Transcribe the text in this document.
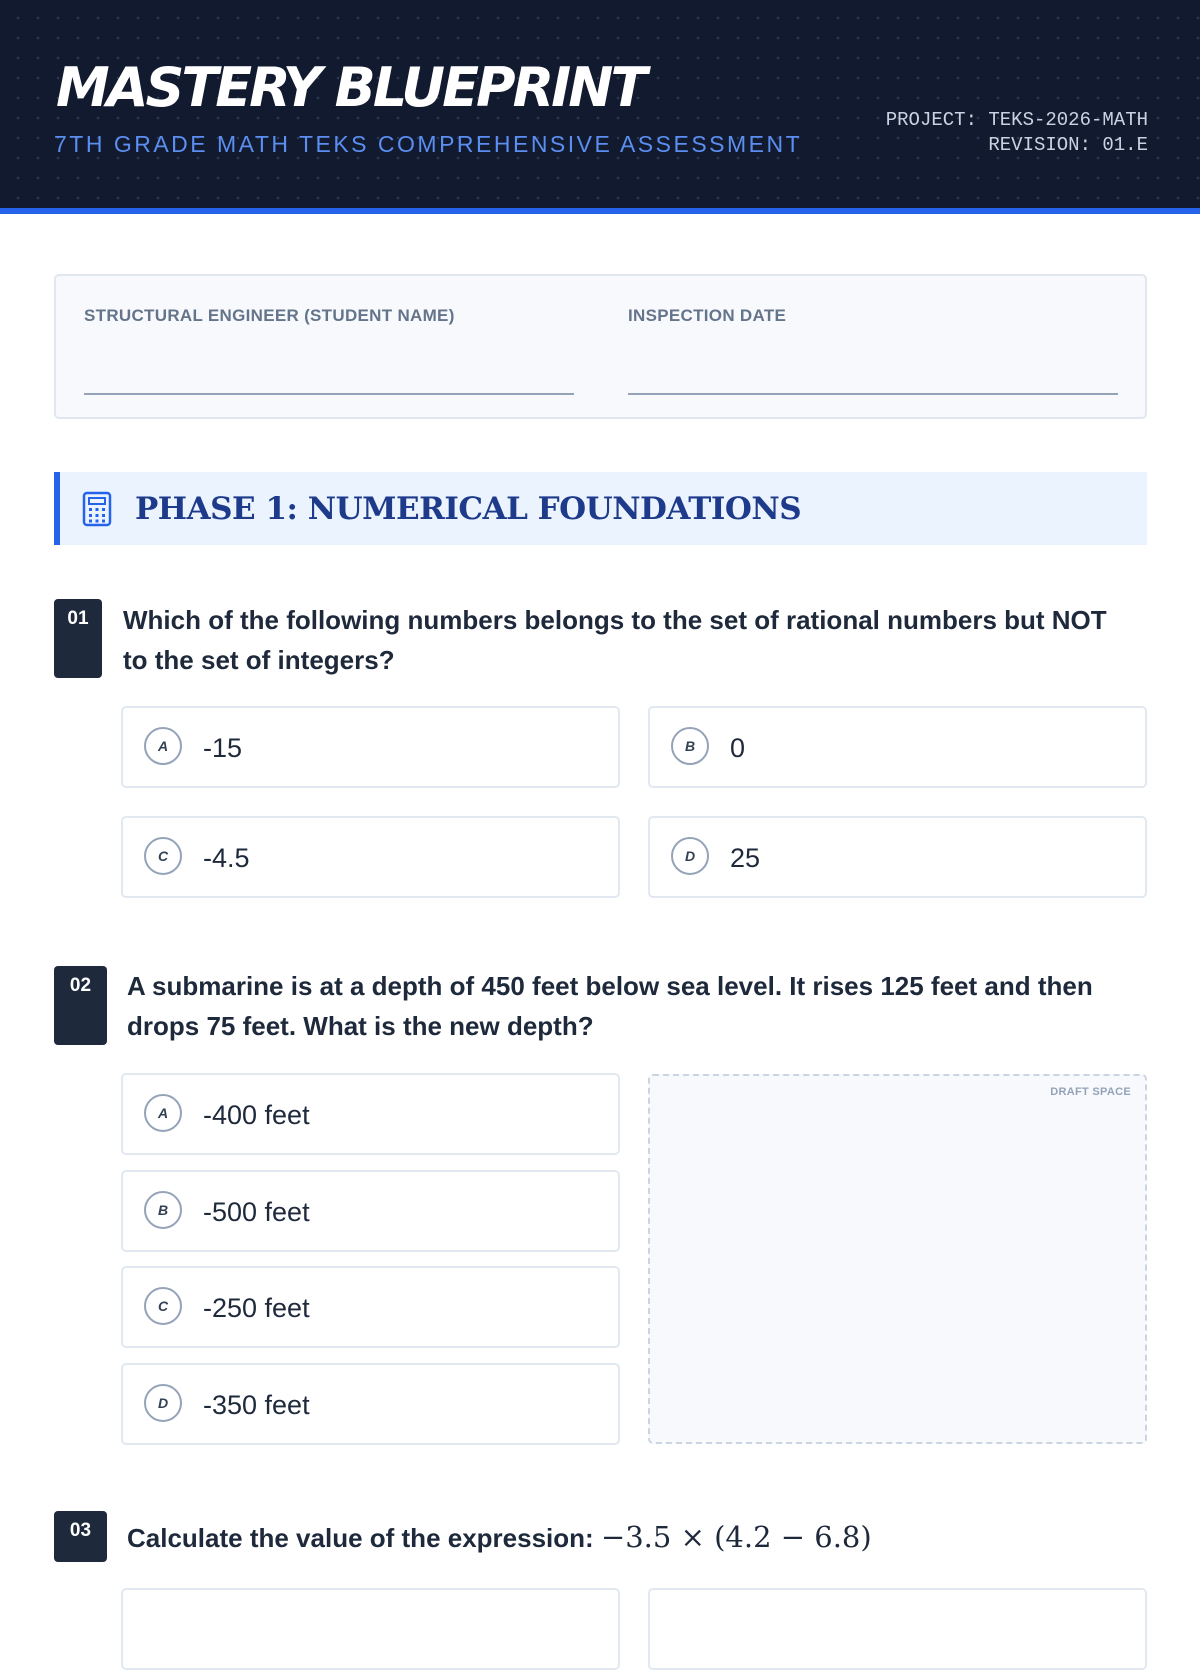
MASTERY BLUEPRINT
7TH GRADE MATH TEKS COMPREHENSIVE ASSESSMENT
PROJECT: TEKS-2026-MATH
REVISION: 01.E
STRUCTURAL ENGINEER (STUDENT NAME)	INSPECTION DATE
PHASE 1: NUMERICAL FOUNDATIONS
01	Which of the following numbers belongs to the set of rational numbers but NOT to the set of integers?
A	-15	B	0
C	-4.5	D	25
02	A submarine is at a depth of 450 feet below sea level. It rises 125 feet and then drops 75 feet. What is the new depth?
A	-400 feet
B	-500 feet
C	-250 feet
D	-350 feet
DRAFT SPACE
03	Calculate the value of the expression: −3.5 × (4.2 − 6.8)
